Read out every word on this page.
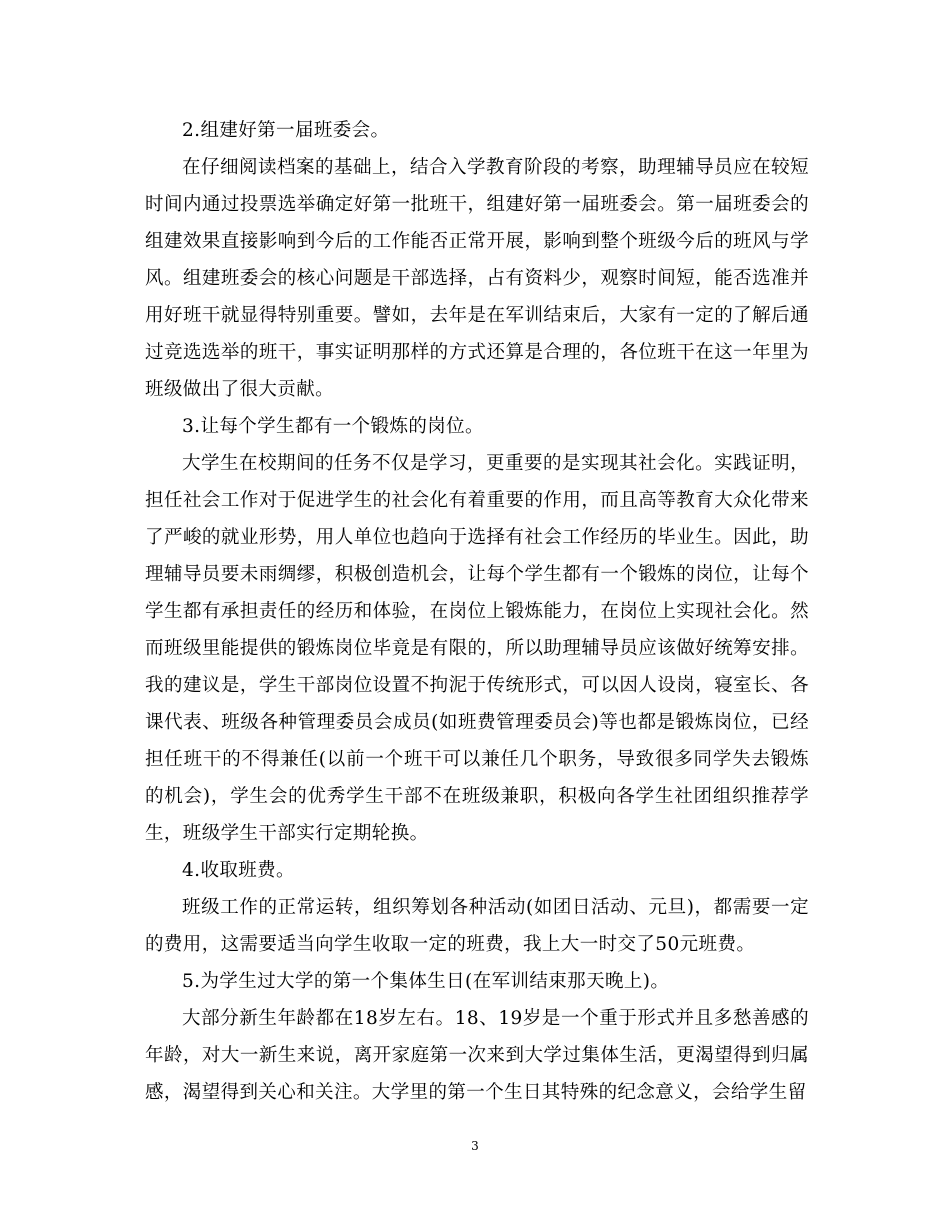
2.组建好第一届班委会。

在仔细阅读档案的基础上，结合入学教育阶段的考察，助理辅导员应在较短时间内通过投票选举确定好第一批班干，组建好第一届班委会。第一届班委会的组建效果直接影响到今后的工作能否正常开展，影响到整个班级今后的班风与学风。组建班委会的核心问题是干部选择，占有资料少，观察时间短，能否选准并用好班干就显得特别重要。譬如，去年是在军训结束后，大家有一定的了解后通过竞选选举的班干，事实证明那样的方式还算是合理的，各位班干在这一年里为班级做出了很大贡献。

3.让每个学生都有一个锻炼的岗位。

大学生在校期间的任务不仅是学习，更重要的是实现其社会化。实践证明，担任社会工作对于促进学生的社会化有着重要的作用，而且高等教育大众化带来了严峻的就业形势，用人单位也趋向于选择有社会工作经历的毕业生。因此，助理辅导员要未雨绸缪，积极创造机会，让每个学生都有一个锻炼的岗位，让每个学生都有承担责任的经历和体验，在岗位上锻炼能力，在岗位上实现社会化。然而班级里能提供的锻炼岗位毕竟是有限的，所以助理辅导员应该做好统筹安排。我的建议是，学生干部岗位设置不拘泥于传统形式，可以因人设岗，寝室长、各课代表、班级各种管理委员会成员(如班费管理委员会)等也都是锻炼岗位，已经担任班干的不得兼任(以前一个班干可以兼任几个职务，导致很多同学失去锻炼的机会)，学生会的优秀学生干部不在班级兼职，积极向各学生社团组织推荐学生，班级学生干部实行定期轮换。

4.收取班费。

班级工作的正常运转，组织筹划各种活动(如团日活动、元旦)，都需要一定的费用，这需要适当向学生收取一定的班费，我上大一时交了50元班费。

5.为学生过大学的第一个集体生日(在军训结束那天晚上)。

大部分新生年龄都在18岁左右。18、19岁是一个重于形式并且多愁善感的年龄，对大一新生来说，离开家庭第一次来到大学过集体生活，更渴望得到归属感，渴望得到关心和关注。大学里的第一个生日其特殊的纪念意义，会给学生留

3
